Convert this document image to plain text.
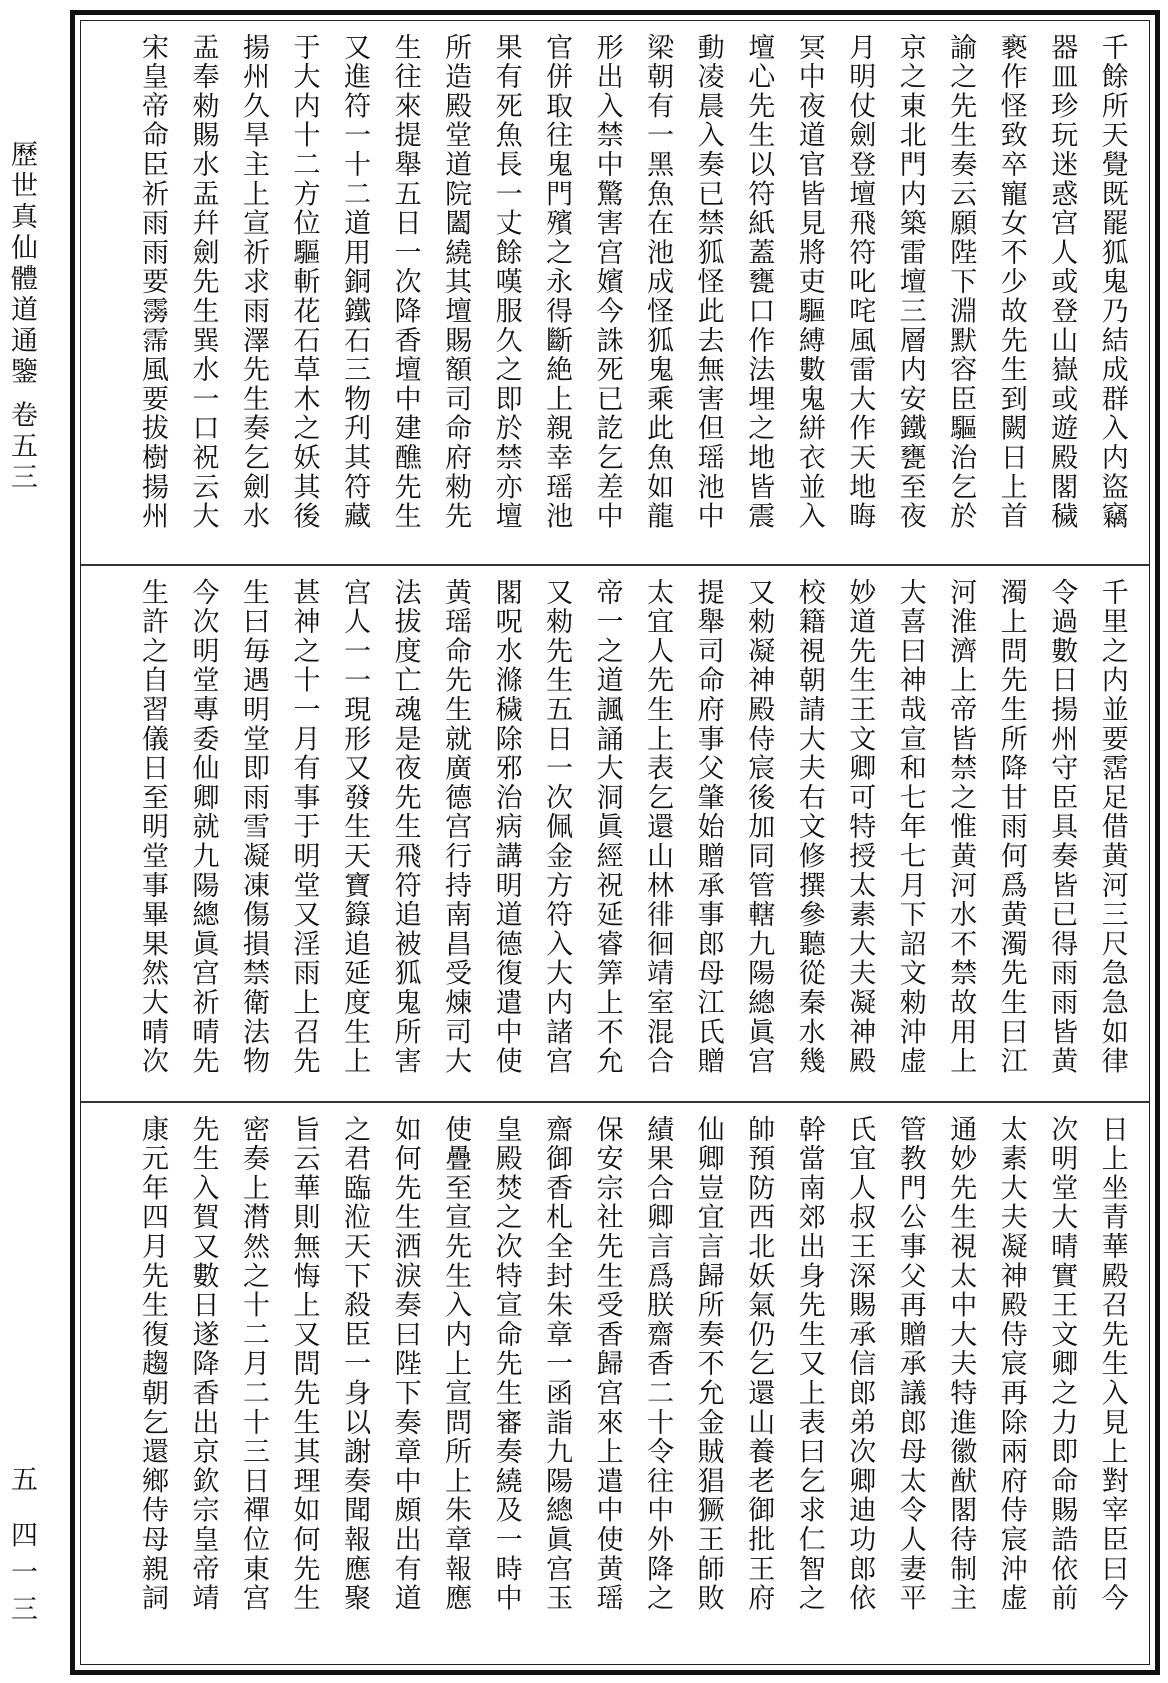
歷世真仙體道通鑒 卷五三
五 四一三
千餘所天覺既罷狐鬼乃結成群入内盜竊
器皿珍玩迷惑宫人或登山嶽或遊殿閣穢
褻作怪致卒寵女不少故先生到闕日上首
諭之先生奏云願陛下淵默容臣驅治乞於
京之東北門内築雷壇三層内安鐵甕至夜
月明仗劍登壇飛符叱咤風雷大作天地晦
冥中夜道官皆見將吏驅縛數鬼絣衣並入
壇心先生以符紙蓋甕口作法埋之地皆震
動凌晨入奏已禁狐怪此去無害但瑶池中
梁朝有一黑魚在池成怪狐鬼乘此魚如龍
形出入禁中驚害宫嬪今誅死已訖乞差中
官併取往鬼門殯之永得斷絶上親幸瑶池
果有死魚長一丈餘嘆服久之即於禁亦壇
所造殿堂道院闔繞其壇賜額司命府勑先
生往來提舉五日一次降香壇中建醮先生
又進符一十二道用銅鐵石三物刋其符藏
于大内十二方位驅斬花石草木之妖其後
揚州久旱主上宣祈求雨澤先生奏乞劍水
盂奉勑賜水盂幷劍先生巽水一口祝云大
宋皇帝命臣祈雨雨要霶霈風要拔樹揚州
千里之内並要霑足借黄河三尺急急如律
令過數日揚州守臣具奏皆已得雨雨皆黄
濁上問先生所降甘雨何爲黄濁先生曰江
河淮濟上帝皆禁之惟黄河水不禁故用上
大喜曰神哉宣和七年七月下詔文勑沖虚
妙道先生王文卿可特授太素大夫凝神殿
校籍視朝請大夫右文修撰參聽從秦水幾
又勑凝神殿侍宸後加同管轄九陽總眞宫
提舉司命府事父肇始贈承事郎母江氏贈
太宜人先生上表乞還山林徘徊靖室混合
帝一之道諷誦大洞眞經祝延睿筭上不允
又勑先生五日一次佩金方符入大内諸宫
閣呪水滌穢除邪治病講明道德復遣中使
黄瑶命先生就廣德宫行持南昌受煉司大
法拔度亡魂是夜先生飛符追被狐鬼所害
宫人一一現形又發生天寶籙追延度生上
甚神之十一月有事于明堂又淫雨上召先
生曰毎遇明堂即雨雪凝凍傷損禁衛法物
今次明堂專委仙卿就九陽總眞宫祈晴先
生許之自習儀日至明堂事畢果然大晴次
日上坐青華殿召先生入見上對宰臣曰今
次明堂大晴實王文卿之力即命賜誥依前
太素大夫凝神殿侍宸再除兩府侍宸沖虚
通妙先生視太中大夫特進徽猷閣待制主
管教門公事父再贈承議郎母太令人妻平
氏宜人叔王深賜承信郎弟次卿迪功郎依
幹當南郊出身先生又上表曰乞求仁智之
帥預防西北妖氣仍乞還山養老御批王府
仙卿豈宜言歸所奏不允金賊猖獗王師敗
績果合卿言爲朕齋香二十令往中外降之
保安宗社先生受香歸宫來上遣中使黄瑶
齋御香札全封朱章一函詣九陽總眞宫玉
皇殿焚之次特宣命先生審奏繞及一時中
使疊至宣先生入内上宣問所上朱章報應
如何先生洒淚奏曰陛下奏章中頗出有道
之君臨涖天下殺臣一身以謝奏聞報應聚
旨云華則無悔上又問先生其理如何先生
密奏上潸然之十二月二十三日禪位東宫
先生入賀又數日遂降香出京欽宗皇帝靖
康元年四月先生復趨朝乞還鄉侍母親詞
